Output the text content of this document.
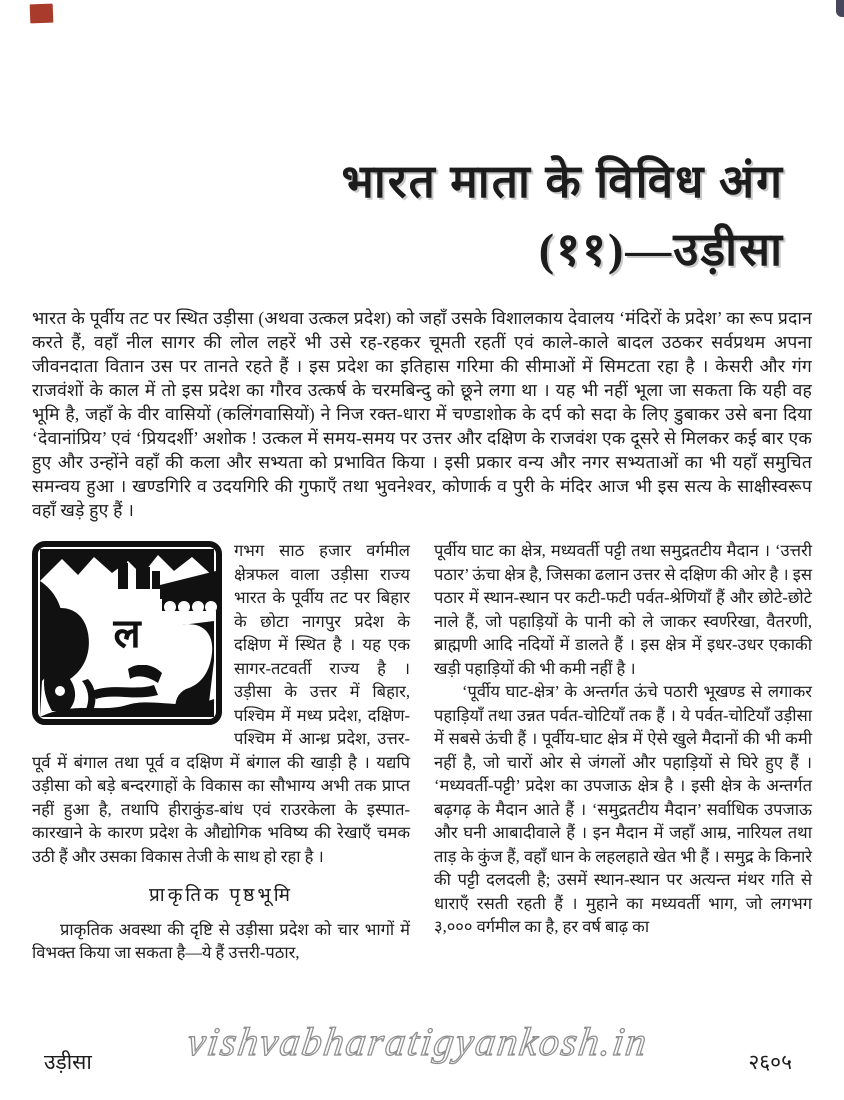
भारत माता के विविध अंग
(११)—उड़ीसा

भारत के पूर्वीय तट पर स्थित उड़ीसा (अथवा उत्कल प्रदेश) को जहाँ उसके विशालकाय देवालय ‘मंदिरों के प्रदेश’ का रूप प्रदान करते हैं, वहाँ नील सागर की लोल लहरें भी उसे रह-रहकर चूमती रहतीं एवं काले-काले बादल उठकर सर्वप्रथम अपना जीवनदाता वितान उस पर तानते रहते हैं । इस प्रदेश का इतिहास गरिमा की सीमाओं में सिमटता रहा है । केसरी और गंग राजवंशों के काल में तो इस प्रदेश का गौरव उत्कर्ष के चरमबिन्दु को छूने लगा था । यह भी नहीं भूला जा सकता कि यही वह भूमि है, जहाँ के वीर वासियों (कलिंगवासियों) ने निज रक्त-धारा में चण्डाशोक के दर्प को सदा के लिए डुबाकर उसे बना दिया ‘देवानांप्रिय’ एवं ‘प्रियदर्शी’ अशोक ! उत्कल में समय-समय पर उत्तर और दक्षिण के राजवंश एक दूसरे से मिलकर कई बार एक हुए और उन्होंने वहाँ की कला और सभ्यता को प्रभावित किया । इसी प्रकार वन्य और नगर सभ्यताओं का भी यहाँ समुचित समन्वय हुआ । खण्डगिरि व उदयगिरि की गुफाएँ तथा भुवनेश्वर, कोणार्क व पुरी के मंदिर आज भी इस सत्य के साक्षीस्वरूप वहाँ खड़े हुए हैं ।

ल

गभग साठ हजार वर्गमील क्षेत्रफल वाला उड़ीसा राज्य भारत के पूर्वीय तट पर बिहार के छोटा नागपुर प्रदेश के दक्षिण में स्थित है । यह एक सागर-तटवर्ती राज्य है । उड़ीसा के उत्तर में बिहार, पश्चिम में मध्य प्रदेश, दक्षिण-पश्चिम में आन्ध्र प्रदेश, उत्तर-पूर्व में बंगाल तथा पूर्व व दक्षिण में बंगाल की खाड़ी है । यद्यपि उड़ीसा को बड़े बन्दरगाहों के विकास का सौभाग्य अभी तक प्राप्त नहीं हुआ है, तथापि हीराकुंड-बांध एवं राउरकेला के इस्पात-कारखाने के कारण प्रदेश के औद्योगिक भविष्य की रेखाएँ चमक उठी हैं और उसका विकास तेजी के साथ हो रहा है ।

प्राकृतिक पृष्ठभूमि

प्राकृतिक अवस्था की दृष्टि से उड़ीसा प्रदेश को चार भागों में विभक्त किया जा सकता है—ये हैं उत्तरी-पठार,

पूर्वीय घाट का क्षेत्र, मध्यवर्ती पट्टी तथा समुद्रतटीय मैदान । ‘उत्तरी पठार’ ऊंचा क्षेत्र है, जिसका ढलान उत्तर से दक्षिण की ओर है । इस पठार में स्थान-स्थान पर कटी-फटी पर्वत-श्रेणियाँ हैं और छोटे-छोटे नाले हैं, जो पहाड़ियों के पानी को ले जाकर स्वर्णरेखा, वैतरणी, ब्राह्मणी आदि नदियों में डालते हैं । इस क्षेत्र में इधर-उधर एकाकी खड़ी पहाड़ियों की भी कमी नहीं है ।

‘पूर्वीय घाट-क्षेत्र’ के अन्तर्गत ऊंचे पठारी भूखण्ड से लगाकर पहाड़ियाँ तथा उन्नत पर्वत-चोटियाँ तक हैं । ये पर्वत-चोटियाँ उड़ीसा में सबसे ऊंची हैं । पूर्वीय-घाट क्षेत्र में ऐसे खुले मैदानों की भी कमी नहीं है, जो चारों ओर से जंगलों और पहाड़ियों से घिरे हुए हैं । ‘मध्यवर्ती-पट्टी’ प्रदेश का उपजाऊ क्षेत्र है । इसी क्षेत्र के अन्तर्गत बढ़गढ़ के मैदान आते हैं । ‘समुद्रतटीय मैदान’ सर्वाधिक उपजाऊ और घनी आबादीवाले हैं । इन मैदान में जहाँ आम्र, नारियल तथा ताड़ के कुंज हैं, वहाँ धान के लहलहाते खेत भी हैं । समुद्र के किनारे की पट्टी दलदली है; उसमें स्थान-स्थान पर अत्यन्त मंथर गति से धाराएँ रसती रहती हैं । मुहाने का मध्यवर्ती भाग, जो लगभग ३,००० वर्गमील का है, हर वर्ष बाढ़ का

vishvabharatigyankosh.in
उड़ीसा	२६०५
